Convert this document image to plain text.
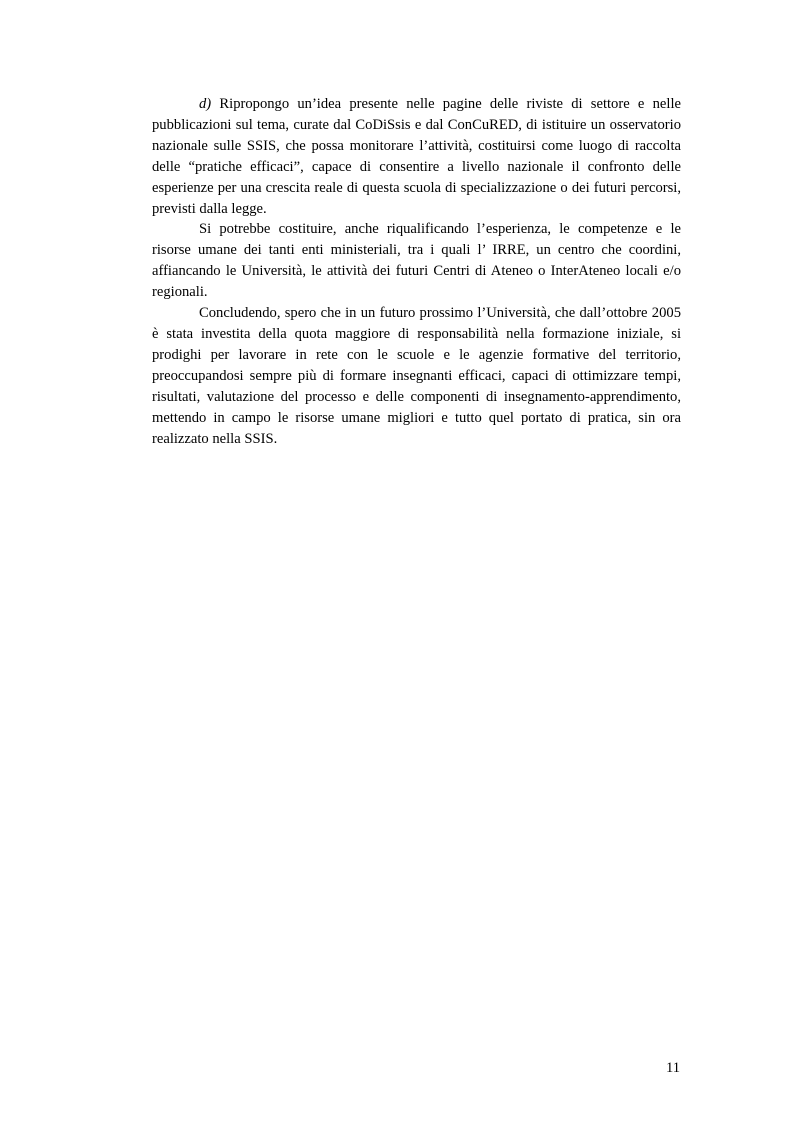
d) Ripropongo un’idea presente nelle pagine delle riviste di settore e nelle pubblicazioni sul tema, curate dal CoDiSsis e dal ConCuRED, di istituire un osservatorio nazionale sulle SSIS, che possa monitorare l’attività, costituirsi come luogo di raccolta delle “pratiche efficaci”, capace di consentire a livello nazionale il confronto delle esperienze per una crescita reale di questa scuola di specializzazione o dei futuri percorsi, previsti dalla legge.

Si potrebbe costituire, anche riqualificando l’esperienza, le competenze e le risorse umane dei tanti enti ministeriali, tra i quali l’ IRRE, un centro che coordini, affiancando le Università, le attività dei futuri Centri di Ateneo o InterAteneo locali e/o regionali.

Concludendo, spero che in un futuro prossimo l’Università, che dall’ottobre 2005 è stata investita della quota maggiore di responsabilità nella formazione iniziale, si prodighi per lavorare in rete con le scuole e le agenzie formative del territorio, preoccupandosi sempre più di formare insegnanti efficaci, capaci di ottimizzare tempi, risultati, valutazione del processo e delle componenti di insegnamento-apprendimento, mettendo in campo le risorse umane migliori e tutto quel portato di pratica, sin ora realizzato nella SSIS.

11
